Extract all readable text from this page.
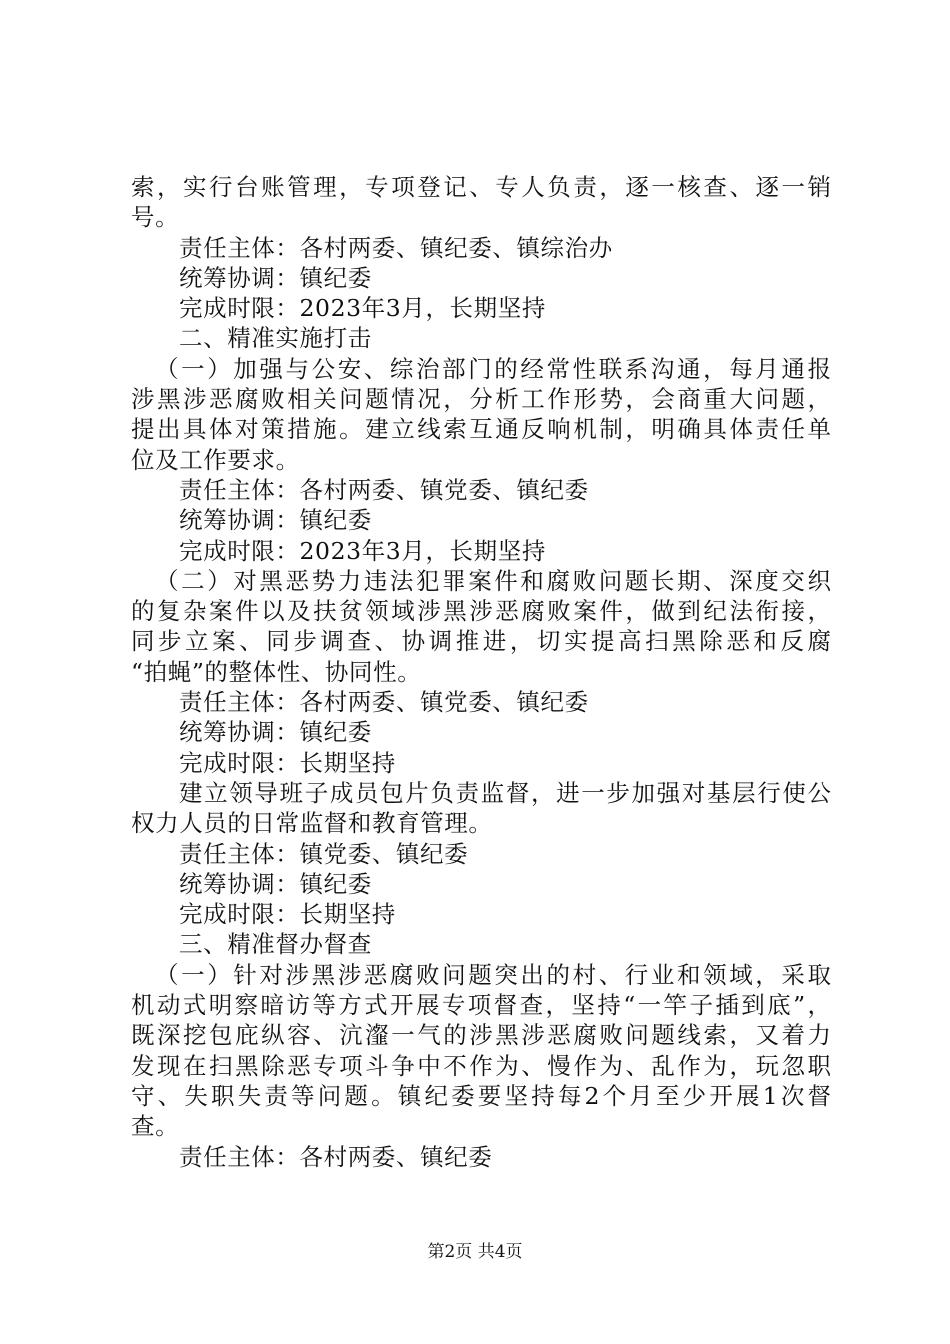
索，实行台账管理，专项登记、专人负责，逐一核查、逐一销
号。
责任主体：各村两委、镇纪委、镇综治办
统筹协调：镇纪委
完成时限：2023年3月，长期坚持
二、精准实施打击
（一）加强与公安、综治部门的经常性联系沟通，每月通报
涉黑涉恶腐败相关问题情况，分析工作形势，会商重大问题，
提出具体对策措施。建立线索互通反响机制，明确具体责任单
位及工作要求。
责任主体：各村两委、镇党委、镇纪委
统筹协调：镇纪委
完成时限：2023年3月，长期坚持
（二）对黑恶势力违法犯罪案件和腐败问题长期、深度交织
的复杂案件以及扶贫领域涉黑涉恶腐败案件，做到纪法衔接，
同步立案、同步调查、协调推进，切实提高扫黑除恶和反腐
“拍蝇”的整体性、协同性。
责任主体：各村两委、镇党委、镇纪委
统筹协调：镇纪委
完成时限：长期坚持
建立领导班子成员包片负责监督，进一步加强对基层行使公
权力人员的日常监督和教育管理。
责任主体：镇党委、镇纪委
统筹协调：镇纪委
完成时限：长期坚持
三、精准督办督查
（一）针对涉黑涉恶腐败问题突出的村、行业和领域，采取
机动式明察暗访等方式开展专项督查，坚持“一竿子插到底”，
既深挖包庇纵容、沆瀣一气的涉黑涉恶腐败问题线索，又着力
发现在扫黑除恶专项斗争中不作为、慢作为、乱作为，玩忽职
守、失职失责等问题。镇纪委要坚持每2个月至少开展1次督
查。
责任主体：各村两委、镇纪委
第2页 共4页
